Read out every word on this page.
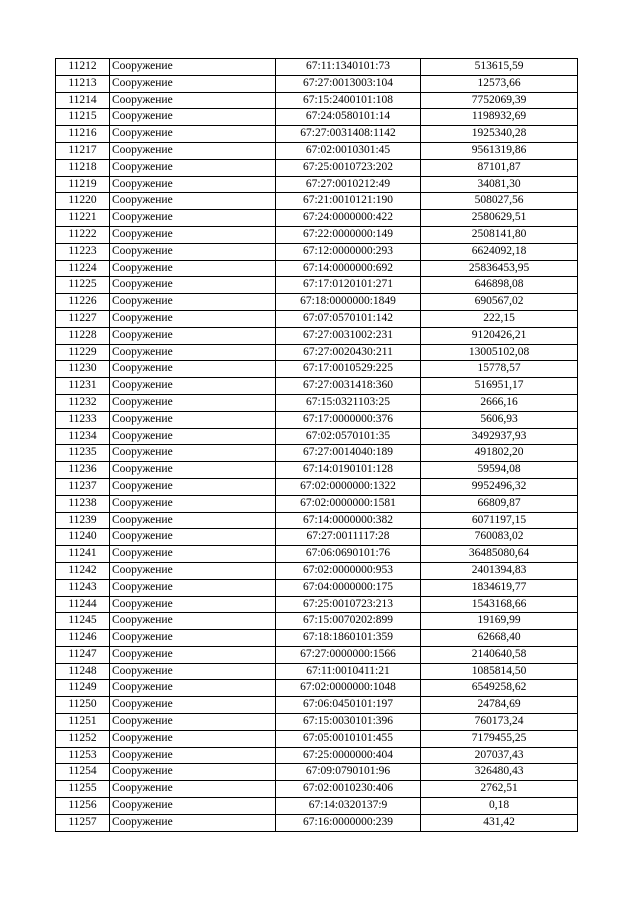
11212	Сооружение	67:11:1340101:73	513615,59
11213	Сооружение	67:27:0013003:104	12573,66
11214	Сооружение	67:15:2400101:108	7752069,39
11215	Сооружение	67:24:0580101:14	1198932,69
11216	Сооружение	67:27:0031408:1142	1925340,28
11217	Сооружение	67:02:0010301:45	9561319,86
11218	Сооружение	67:25:0010723:202	87101,87
11219	Сооружение	67:27:0010212:49	34081,30
11220	Сооружение	67:21:0010121:190	508027,56
11221	Сооружение	67:24:0000000:422	2580629,51
11222	Сооружение	67:22:0000000:149	2508141,80
11223	Сооружение	67:12:0000000:293	6624092,18
11224	Сооружение	67:14:0000000:692	25836453,95
11225	Сооружение	67:17:0120101:271	646898,08
11226	Сооружение	67:18:0000000:1849	690567,02
11227	Сооружение	67:07:0570101:142	222,15
11228	Сооружение	67:27:0031002:231	9120426,21
11229	Сооружение	67:27:0020430:211	13005102,08
11230	Сооружение	67:17:0010529:225	15778,57
11231	Сооружение	67:27:0031418:360	516951,17
11232	Сооружение	67:15:0321103:25	2666,16
11233	Сооружение	67:17:0000000:376	5606,93
11234	Сооружение	67:02:0570101:35	3492937,93
11235	Сооружение	67:27:0014040:189	491802,20
11236	Сооружение	67:14:0190101:128	59594,08
11237	Сооружение	67:02:0000000:1322	9952496,32
11238	Сооружение	67:02:0000000:1581	66809,87
11239	Сооружение	67:14:0000000:382	6071197,15
11240	Сооружение	67:27:0011117:28	760083,02
11241	Сооружение	67:06:0690101:76	36485080,64
11242	Сооружение	67:02:0000000:953	2401394,83
11243	Сооружение	67:04:0000000:175	1834619,77
11244	Сооружение	67:25:0010723:213	1543168,66
11245	Сооружение	67:15:0070202:899	19169,99
11246	Сооружение	67:18:1860101:359	62668,40
11247	Сооружение	67:27:0000000:1566	2140640,58
11248	Сооружение	67:11:0010411:21	1085814,50
11249	Сооружение	67:02:0000000:1048	6549258,62
11250	Сооружение	67:06:0450101:197	24784,69
11251	Сооружение	67:15:0030101:396	760173,24
11252	Сооружение	67:05:0010101:455	7179455,25
11253	Сооружение	67:25:0000000:404	207037,43
11254	Сооружение	67:09:0790101:96	326480,43
11255	Сооружение	67:02:0010230:406	2762,51
11256	Сооружение	67:14:0320137:9	0,18
11257	Сооружение	67:16:0000000:239	431,42
